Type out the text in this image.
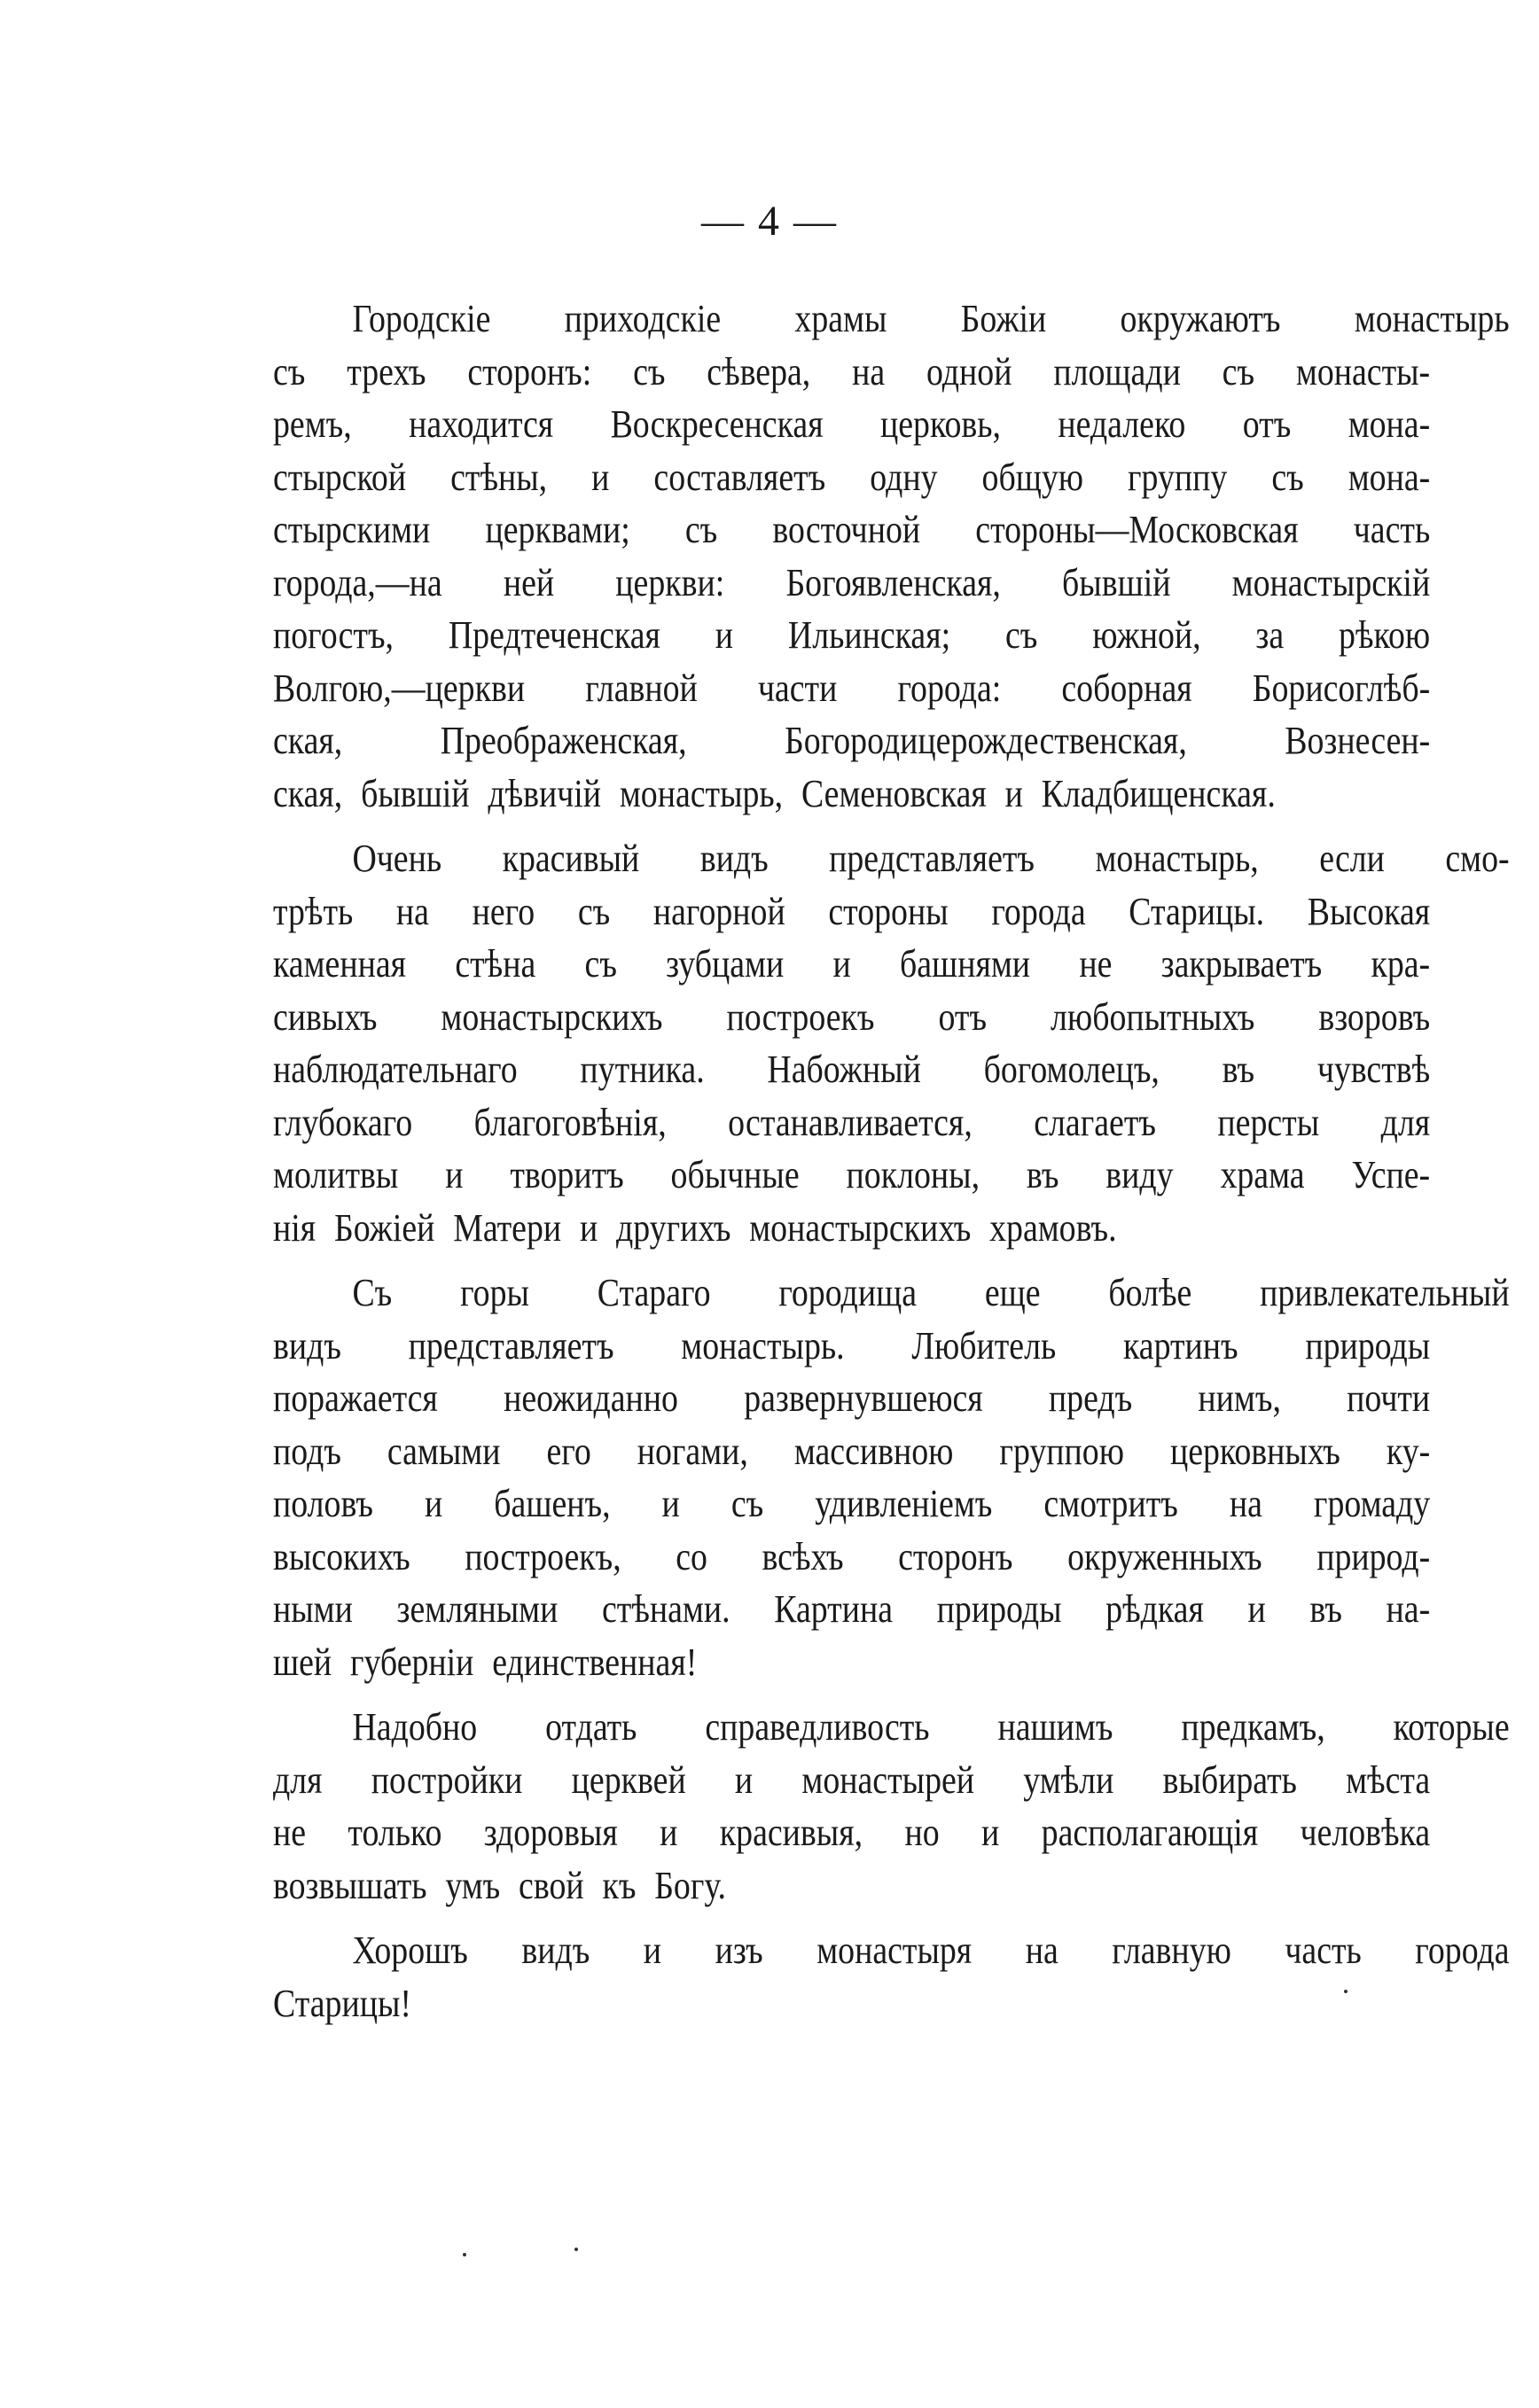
— 4 —
Городскіе приходскіе храмы Божіи окружаютъ монастырь
съ трехъ сторонъ: съ сѣвера, на одной площади съ монасты-
ремъ, находится Воскресенская церковь, недалеко отъ мона-
стырской стѣны, и составляетъ одну общую группу съ мона-
стырскими церквами; съ восточной стороны—Московская часть
города,—на ней церкви: Богоявленская, бывшій монастырскій
погостъ, Предтеченская и Ильинская; съ южной, за рѣкою
Волгою,—церкви главной части города: соборная Борисоглѣб-
ская,	Преображенская,	Богородицерождественская,	Вознесен-
ская, бывшій дѣвичій монастырь, Семеновская и Кладбищенская.
Очень красивый видъ представляетъ монастырь, если смо-
трѣть на него съ нагорной стороны города Старицы. Высокая
каменная стѣна съ зубцами и башнями не закрываетъ кра-
сивыхъ монастырскихъ построекъ отъ любопытныхъ взоровъ
наблюдательнаго путника. Набожный богомолецъ, въ чувствѣ
глубокаго благоговѣнія, останавливается, слагаетъ персты для
молитвы и творитъ обычные поклоны, въ виду храма Успе-
нія Божіей Матери и другихъ монастырскихъ храмовъ.
Съ горы Стараго городища еще болѣе привлекательный
видъ представляетъ монастырь. Любитель картинъ природы
поражается неожиданно развернувшеюся предъ нимъ, почти
подъ самыми его ногами, массивною группою церковныхъ ку-
половъ и башенъ, и съ удивленіемъ смотритъ на громаду
высокихъ построекъ, со всѣхъ сторонъ окруженныхъ природ-
ными земляными стѣнами. Картина природы рѣдкая и въ на-
шей губерніи единственная!
Надобно отдать справедливость нашимъ предкамъ, которые
для постройки церквей и монастырей умѣли выбирать мѣста
не только здоровыя и красивыя, но и располагающія человѣка
возвышать умъ свой къ Богу.
Хорошъ видъ и изъ монастыря на главную часть города
Старицы!
